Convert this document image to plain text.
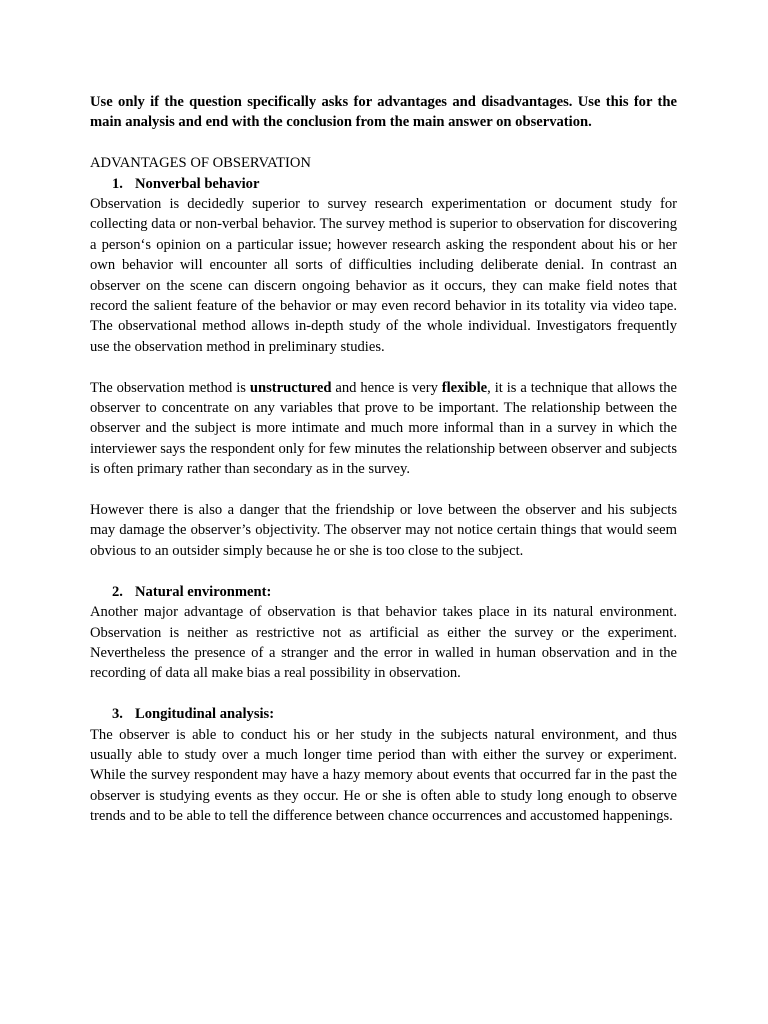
Use only if the question specifically asks for advantages and disadvantages. Use this for the main analysis and end with the conclusion from the main answer on observation.

ADVANTAGES OF OBSERVATION

1. Nonverbal behavior

Observation is decidedly superior to survey research experimentation or document study for collecting data or non-verbal behavior. The survey method is superior to observation for discovering a person‘s opinion on a particular issue; however research asking the respondent about his or her own behavior will encounter all sorts of difficulties including deliberate denial. In contrast an observer on the scene can discern ongoing behavior as it occurs, they can make field notes that record the salient feature of the behavior or may even record behavior in its totality via video tape. The observational method allows in-depth study of the whole individual. Investigators frequently use the observation method in preliminary studies.

The observation method is unstructured and hence is very flexible, it is a technique that allows the observer to concentrate on any variables that prove to be important. The relationship between the observer and the subject is more intimate and much more informal than in a survey in which the interviewer says the respondent only for few minutes the relationship between observer and subjects is often primary rather than secondary as in the survey.

However there is also a danger that the friendship or love between the observer and his subjects may damage the observer’s objectivity. The observer may not notice certain things that would seem obvious to an outsider simply because he or she is too close to the subject.

2. Natural environment:

Another major advantage of observation is that behavior takes place in its natural environment. Observation is neither as restrictive not as artificial as either the survey or the experiment. Nevertheless the presence of a stranger and the error in walled in human observation and in the recording of data all make bias a real possibility in observation.

3. Longitudinal analysis:

The observer is able to conduct his or her study in the subjects natural environment, and thus usually able to study over a much longer time period than with either the survey or experiment. While the survey respondent may have a hazy memory about events that occurred far in the past the observer is studying events as they occur. He or she is often able to study long enough to observe trends and to be able to tell the difference between chance occurrences and accustomed happenings.
